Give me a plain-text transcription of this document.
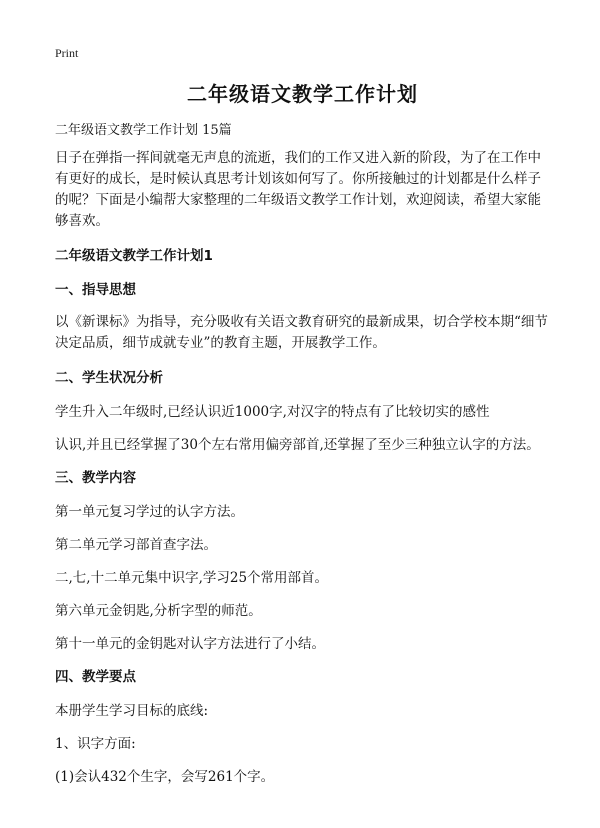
Print
二年级语文教学工作计划

二年级语文教学工作计划 15篇

日子在弹指一挥间就毫无声息的流逝，我们的工作又进入新的阶段，为了在工作中有更好的成长，是时候认真思考计划该如何写了。你所接触过的计划都是什么样子的呢？下面是小编帮大家整理的二年级语文教学工作计划，欢迎阅读，希望大家能够喜欢。

二年级语文教学工作计划1
一、指导思想

以《新课标》为指导，充分吸收有关语文教育研究的最新成果，切合学校本期“细节决定品质，细节成就专业”的教育主题，开展教学工作。

二、学生状况分析

学生升入二年级时,已经认识近1000字,对汉字的特点有了比较切实的感性

认识,并且已经掌握了30个左右常用偏旁部首,还掌握了至少三种独立认字的方法。

三、教学内容

第一单元复习学过的认字方法。

第二单元学习部首查字法。

二,七,十二单元集中识字,学习25个常用部首。

第六单元金钥匙,分析字型的师范。

第十一单元的金钥匙对认字方法进行了小结。

四、教学要点

本册学生学习目标的底线:

1、识字方面:

(1)会认432个生字，会写261个字。
